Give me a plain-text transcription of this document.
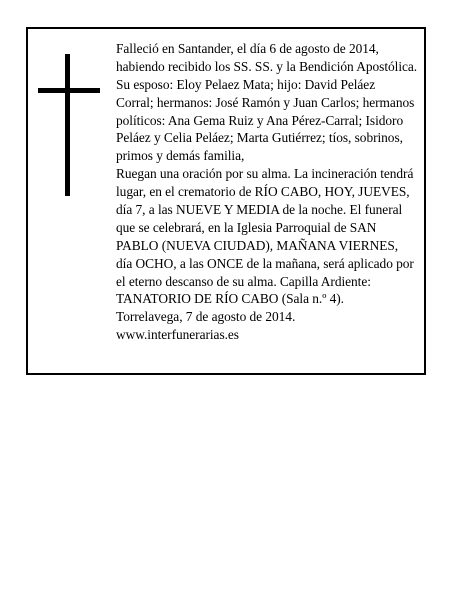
Falleció en Santander, el día 6 de agosto de 2014,
habiendo recibido los SS. SS. y la Bendición Apostólica.
Su esposo: Eloy Pelaez Mata; hijo: David Peláez
Corral; hermanos: José Ramón y Juan Carlos; hermanos
políticos: Ana Gema Ruiz y Ana Pérez-Carral; Isidoro
Peláez y Celia Peláez; Marta Gutiérrez; tíos, sobrinos,
primos y demás familia,
Ruegan una oración por su alma. La incineración tendrá
lugar, en el crematorio de RÍO CABO, HOY, JUEVES,
día 7, a las NUEVE Y MEDIA de la noche. El funeral
que se celebrará, en la Iglesia Parroquial de SAN
PABLO (NUEVA CIUDAD), MAÑANA VIERNES,
día OCHO, a las ONCE de la mañana, será aplicado por
el eterno descanso de su alma. Capilla Ardiente:
TANATORIO DE RÍO CABO (Sala n.º 4).
Torrelavega, 7 de agosto de 2014.
www.interfunerarias.es
